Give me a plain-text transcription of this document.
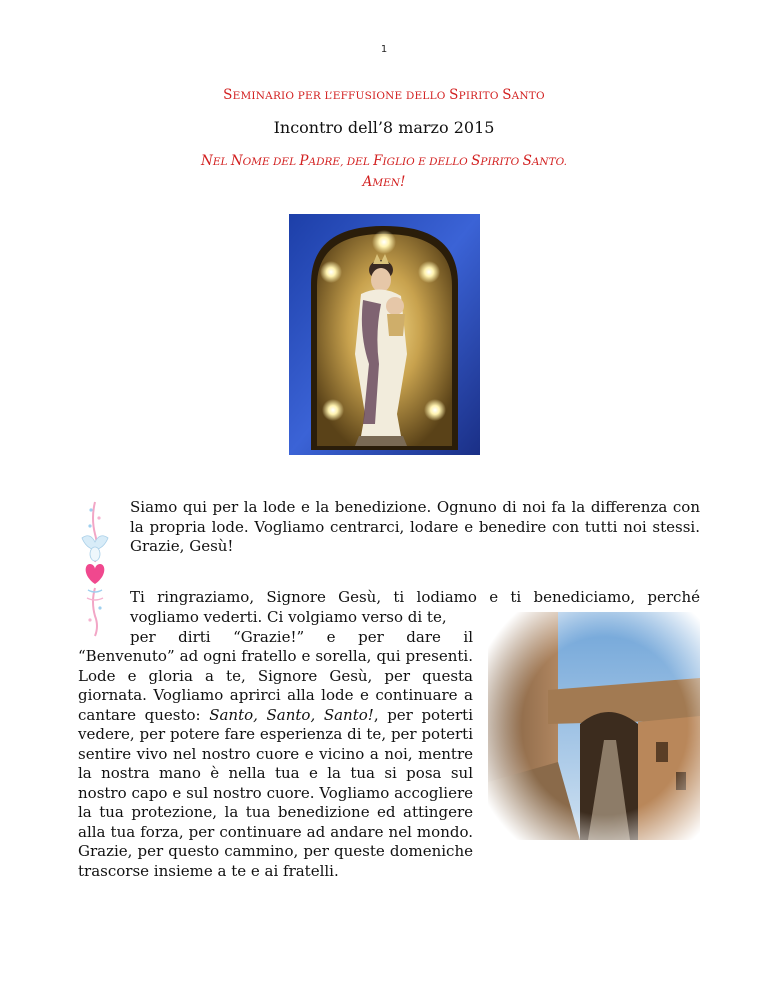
1
SEMINARIO PER L’EFFUSIONE DELLO SPIRITO SANTO
Incontro dell’8 marzo 2015
NEL NOME DEL PADRE, DEL FIGLIO E DELLO SPIRITO SANTO.
AMEN!
Siamo qui per la lode e la benedizione. Ognuno di noi fa la differenza con la propria lode. Vogliamo centrarci, lodare e benedire con tutti noi stessi. Grazie, Gesù!
Ti ringraziamo, Signore Gesù, ti lodiamo e ti benediciamo, perché
vogliamo vederti. Ci volgiamo verso di te,
per dirti “Grazie!” e per dare il
“Benvenuto” ad ogni fratello e sorella, qui presenti. Lode e gloria a te, Signore Gesù, per questa giornata. Vogliamo aprirci alla lode e continuare a cantare questo: Santo, Santo, Santo!, per poterti vedere, per potere fare esperienza di te, per poterti sentire vivo nel nostro cuore e vicino a noi, mentre la nostra mano è nella tua e la tua si posa sul nostro capo e sul nostro cuore. Vogliamo accogliere la tua protezione, la tua benedizione ed attingere alla tua forza, per continuare ad andare nel mondo. Grazie, per questo cammino, per queste domeniche trascorse insieme a te e ai fratelli.
